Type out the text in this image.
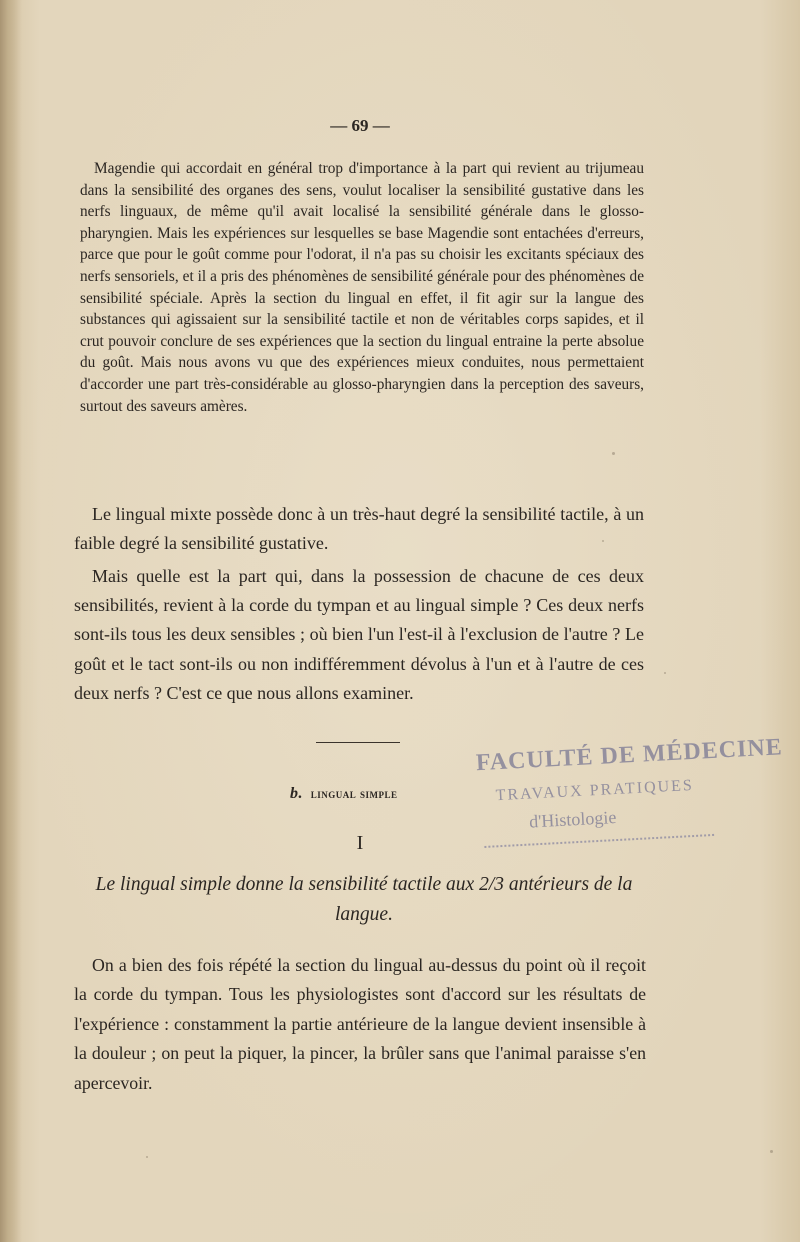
— 69 —

Magendie qui accordait en général trop d'importance à la part qui revient au trijumeau dans la sensibilité des organes des sens, voulut localiser la sensibilité gustative dans les nerfs linguaux, de même qu'il avait localisé la sensibilité générale dans le glosso-pharyngien. Mais les expériences sur lesquelles se base Magendie sont entachées d'erreurs, parce que pour le goût comme pour l'odorat, il n'a pas su choisir les excitants spéciaux des nerfs sensoriels, et il a pris des phénomènes de sensibilité générale pour des phénomènes de sensibilité spéciale. Après la section du lingual en effet, il fit agir sur la langue des substances qui agissaient sur la sensibilité tactile et non de véritables corps sapides, et il crut pouvoir conclure de ses expériences que la section du lingual entraine la perte absolue du goût. Mais nous avons vu que des expériences mieux conduites, nous permettaient d'accorder une part très-considérable au glosso-pharyngien dans la perception des saveurs, surtout des saveurs amères.

Le lingual mixte possède donc à un très-haut degré la sensibilité tactile, à un faible degré la sensibilité gustative.

Mais quelle est la part qui, dans la possession de chacune de ces deux sensibilités, revient à la corde du tympan et au lingual simple ? Ces deux nerfs sont-ils tous les deux sensibles ; où bien l'un l'est-il à l'exclusion de l'autre ? Le goût et le tact sont-ils ou non indifféremment dévolus à l'un et à l'autre de ces deux nerfs ? C'est ce que nous allons examiner.

b. lingual simple
I

Le lingual simple donne la sensibilité tactile aux 2/3 antérieurs de la langue.

On a bien des fois répété la section du lingual au-dessus du point où il reçoit la corde du tympan. Tous les physiologistes sont d'accord sur les résultats de l'expérience : constamment la partie antérieure de la langue devient insensible à la douleur ; on peut la piquer, la pincer, la brûler sans que l'animal paraisse s'en apercevoir.

FACULTÉ DE MÉDECINE
TRAVAUX PRATIQUES
d'Histologie
